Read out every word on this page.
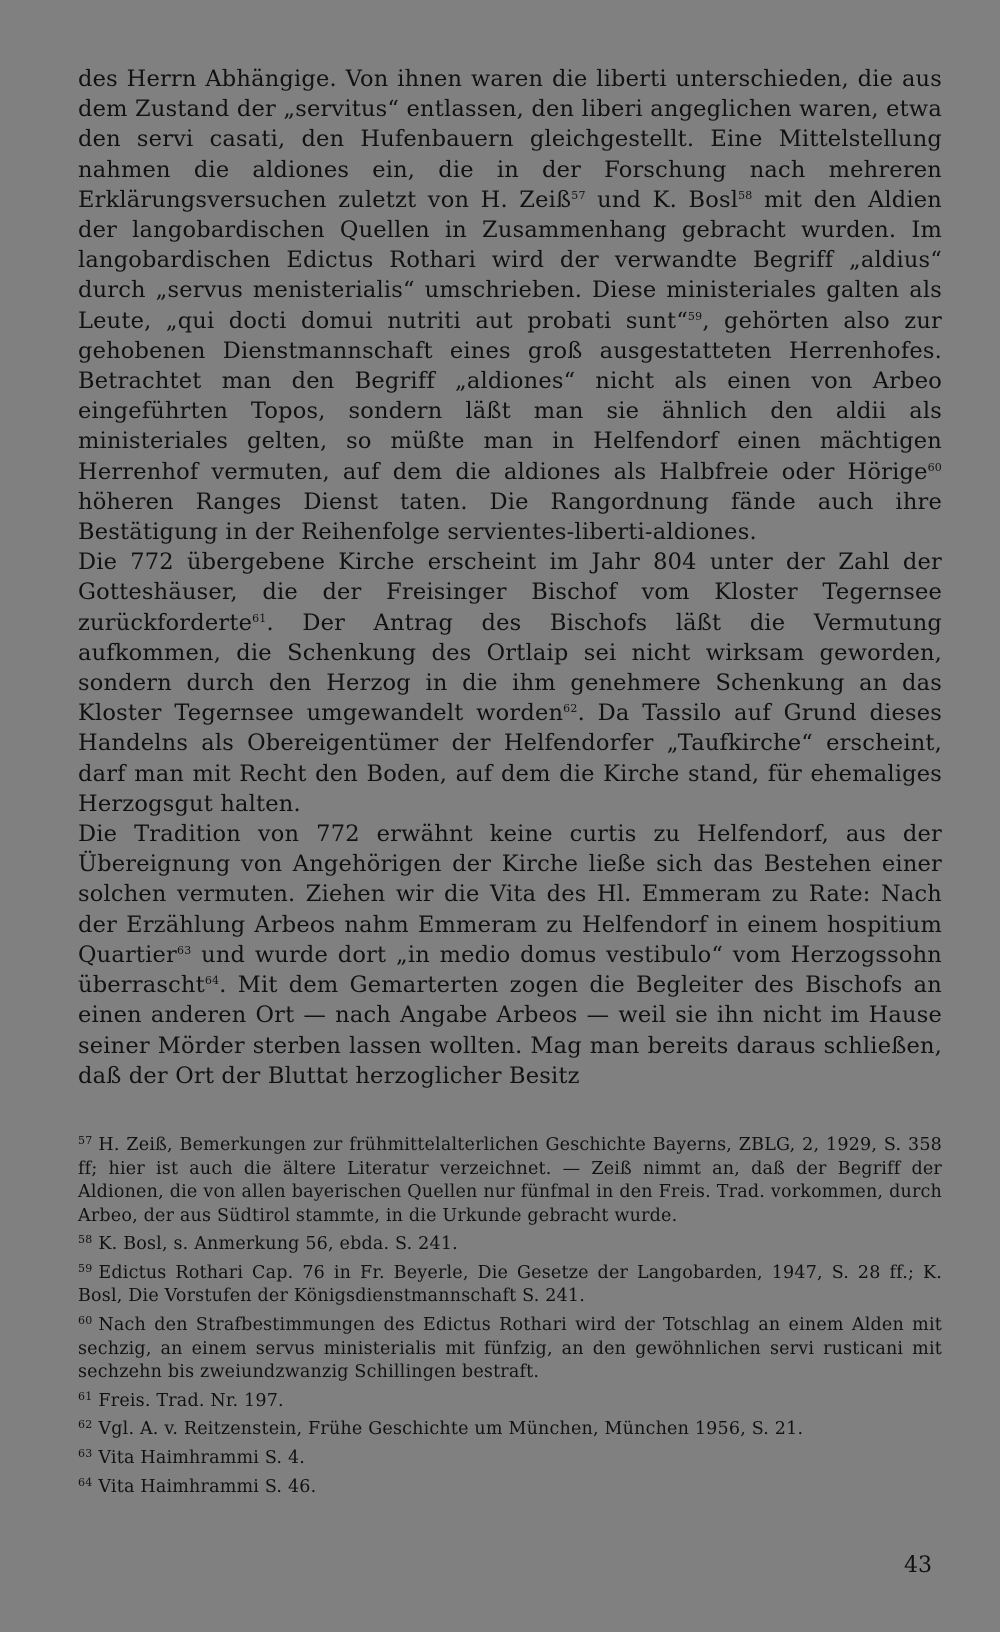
des Herrn Abhängige. Von ihnen waren die liberti unterschieden, die aus dem Zustand der „servitus“ entlassen, den liberi angeglichen waren, etwa den servi casati, den Hufenbauern gleichgestellt. Eine Mittelstellung nahmen die aldiones ein, die in der Forschung nach mehreren Erklärungsversuchen zuletzt von H. Zeiß$^{57}$ und K. Bosl$^{58}$ mit den Aldien der langobardischen Quellen in Zusammenhang gebracht wurden. Im langobardischen Edictus Rothari wird der verwandte Begriff „aldius“ durch „servus menisterialis“ umschrieben. Diese ministeriales galten als Leute, „qui docti domui nutriti aut probati sunt“$^{59}$, gehörten also zur gehobenen Dienstmannschaft eines groß ausgestatteten Herrenhofes. Betrachtet man den Begriff „aldiones“ nicht als einen von Arbeo eingeführten Topos, sondern läßt man sie ähnlich den aldii als ministeriales gelten, so müßte man in Helfendorf einen mächtigen Herrenhof vermuten, auf dem die aldiones als Halbfreie oder Hörige$^{60}$ höheren Ranges Dienst taten. Die Rangordnung fände auch ihre Bestätigung in der Reihenfolge servientes-liberti-aldiones.

Die 772 übergebene Kirche erscheint im Jahr 804 unter der Zahl der Gotteshäuser, die der Freisinger Bischof vom Kloster Tegernsee zurückforderte$^{61}$. Der Antrag des Bischofs läßt die Vermutung aufkommen, die Schenkung des Ortlaip sei nicht wirksam geworden, sondern durch den Herzog in die ihm genehmere Schenkung an das Kloster Tegernsee umgewandelt worden$^{62}$. Da Tassilo auf Grund dieses Handelns als Obereigentümer der Helfendorfer „Taufkirche“ erscheint, darf man mit Recht den Boden, auf dem die Kirche stand, für ehemaliges Herzogsgut halten.

Die Tradition von 772 erwähnt keine curtis zu Helfendorf, aus der Übereignung von Angehörigen der Kirche ließe sich das Bestehen einer solchen vermuten. Ziehen wir die Vita des Hl. Emmeram zu Rate: Nach der Erzählung Arbeos nahm Emmeram zu Helfendorf in einem hospitium Quartier$^{63}$ und wurde dort „in medio domus vestibulo“ vom Herzogssohn überrascht$^{64}$. Mit dem Gemarterten zogen die Begleiter des Bischofs an einen anderen Ort — nach Angabe Arbeos — weil sie ihn nicht im Hause seiner Mörder sterben lassen wollten. Mag man bereits daraus schließen, daß der Ort der Bluttat herzoglicher Besitz

$^{57}$ H. Zeiß, Bemerkungen zur frühmittelalterlichen Geschichte Bayerns, ZBLG, 2, 1929, S. 358 ff; hier ist auch die ältere Literatur verzeichnet. — Zeiß nimmt an, daß der Begriff der Aldionen, die von allen bayerischen Quellen nur fünfmal in den Freis. Trad. vorkommen, durch Arbeo, der aus Südtirol stammte, in die Urkunde gebracht wurde.

$^{58}$ K. Bosl, s. Anmerkung 56, ebda. S. 241.

$^{59}$ Edictus Rothari Cap. 76 in Fr. Beyerle, Die Gesetze der Langobarden, 1947, S. 28 ff.; K. Bosl, Die Vorstufen der Königsdienstmannschaft S. 241.

$^{60}$ Nach den Strafbestimmungen des Edictus Rothari wird der Totschlag an einem Alden mit sechzig, an einem servus ministerialis mit fünfzig, an den gewöhnlichen servi rusticani mit sechzehn bis zweiundzwanzig Schillingen bestraft.

$^{61}$ Freis. Trad. Nr. 197.

$^{62}$ Vgl. A. v. Reitzenstein, Frühe Geschichte um München, München 1956, S. 21.

$^{63}$ Vita Haimhrammi S. 4.

$^{64}$ Vita Haimhrammi S. 46.

43
